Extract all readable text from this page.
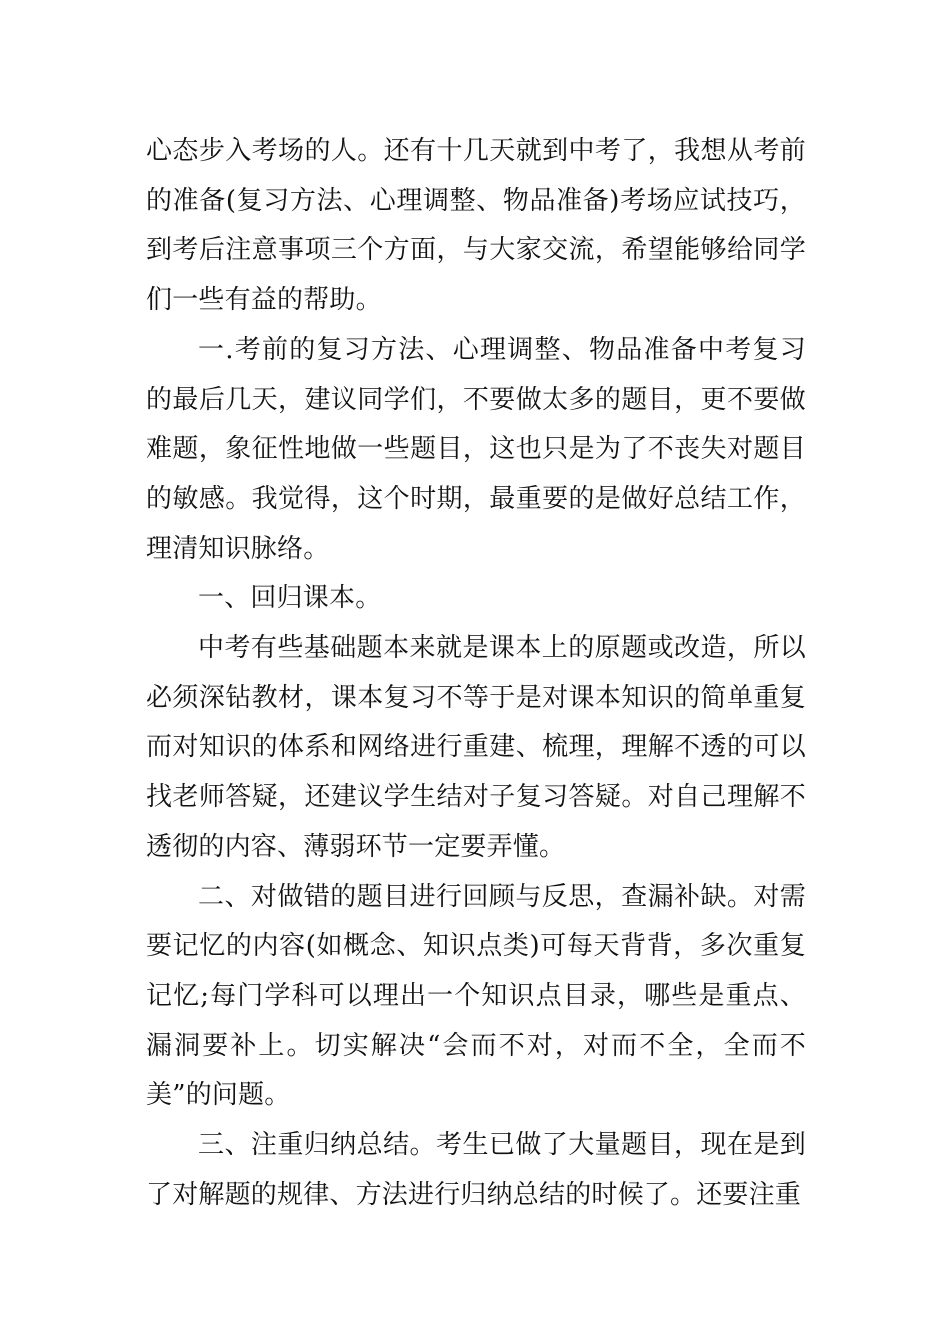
心态步入考场的人。还有十几天就到中考了，我想从考前的准备(复习方法、心理调整、物品准备)考场应试技巧，到考后注意事项三个方面，与大家交流，希望能够给同学们一些有益的帮助。

一.考前的复习方法、心理调整、物品准备中考复习的最后几天，建议同学们，不要做太多的题目，更不要做难题，象征性地做一些题目，这也只是为了不丧失对题目的敏感。我觉得，这个时期，最重要的是做好总结工作，理清知识脉络。

一、回归课本。

中考有些基础题本来就是课本上的原题或改造，所以必须深钻教材，课本复习不等于是对课本知识的简单重复而对知识的体系和网络进行重建、梳理，理解不透的可以找老师答疑，还建议学生结对子复习答疑。对自己理解不透彻的内容、薄弱环节一定要弄懂。

二、对做错的题目进行回顾与反思，查漏补缺。对需要记忆的内容(如概念、知识点类)可每天背背，多次重复记忆;每门学科可以理出一个知识点目录，哪些是重点、漏洞要补上。切实解决“会而不对，对而不全，全而不美”的问题。

三、注重归纳总结。考生已做了大量题目，现在是到了对解题的规律、方法进行归纳总结的时候了。还要注重
